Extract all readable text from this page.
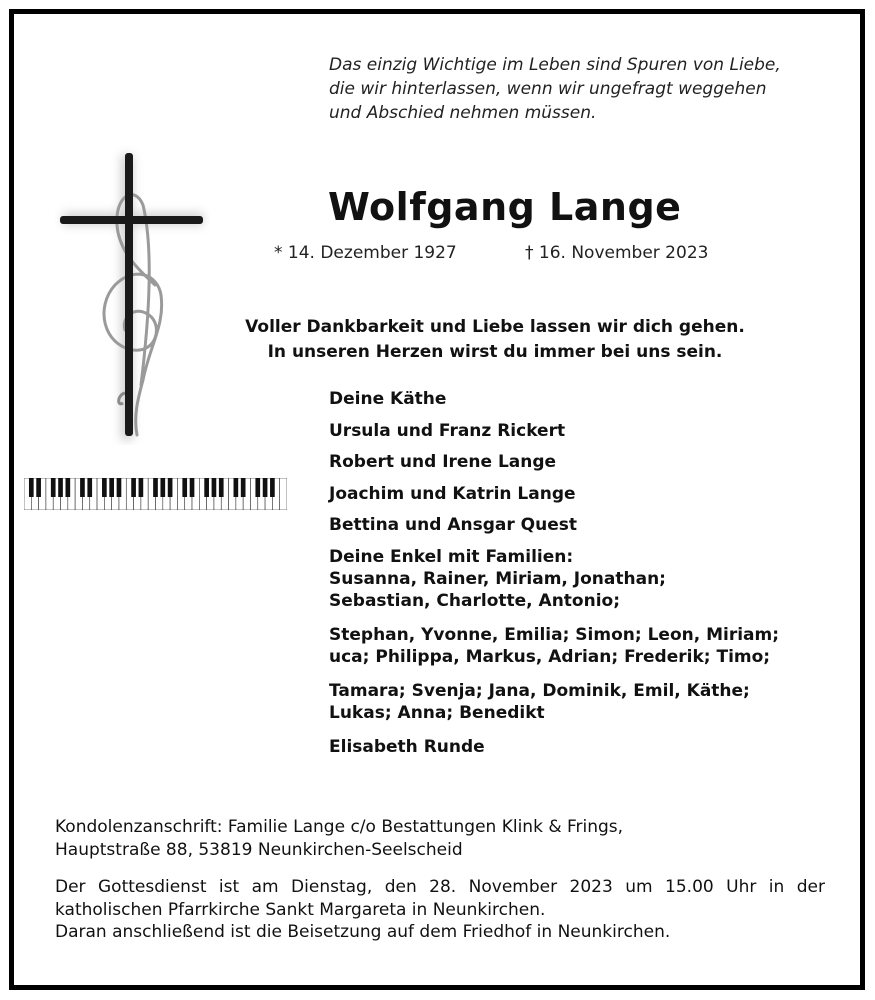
Das einzig Wichtige im Leben sind Spuren von Liebe,
die wir hinterlassen, wenn wir ungefragt weggehen
und Abschied nehmen müssen.
Wolfgang Lange
* 14. Dezember 1927	† 16. November 2023
Voller Dankbarkeit und Liebe lassen wir dich gehen.
In unseren Herzen wirst du immer bei uns sein.
Deine Käthe
Ursula und Franz Rickert
Robert und Irene Lange
Joachim und Katrin Lange
Bettina und Ansgar Quest
Deine Enkel mit Familien:
Susanna, Rainer, Miriam, Jonathan;
Sebastian, Charlotte, Antonio;
Stephan, Yvonne, Emilia; Simon; Leon, Miriam;
uca; Philippa, Markus, Adrian; Frederik; Timo;
Tamara; Svenja; Jana, Dominik, Emil, Käthe;
Lukas; Anna; Benedikt
Elisabeth Runde
Kondolenzanschrift: Familie Lange c/o Bestattungen Klink & Frings,
Hauptstraße 88, 53819 Neunkirchen-Seelscheid
Der Gottesdienst ist am Dienstag, den 28. November 2023 um 15.00 Uhr in der
katholischen Pfarrkirche Sankt Margareta in Neunkirchen.
Daran anschließend ist die Beisetzung auf dem Friedhof in Neunkirchen.
